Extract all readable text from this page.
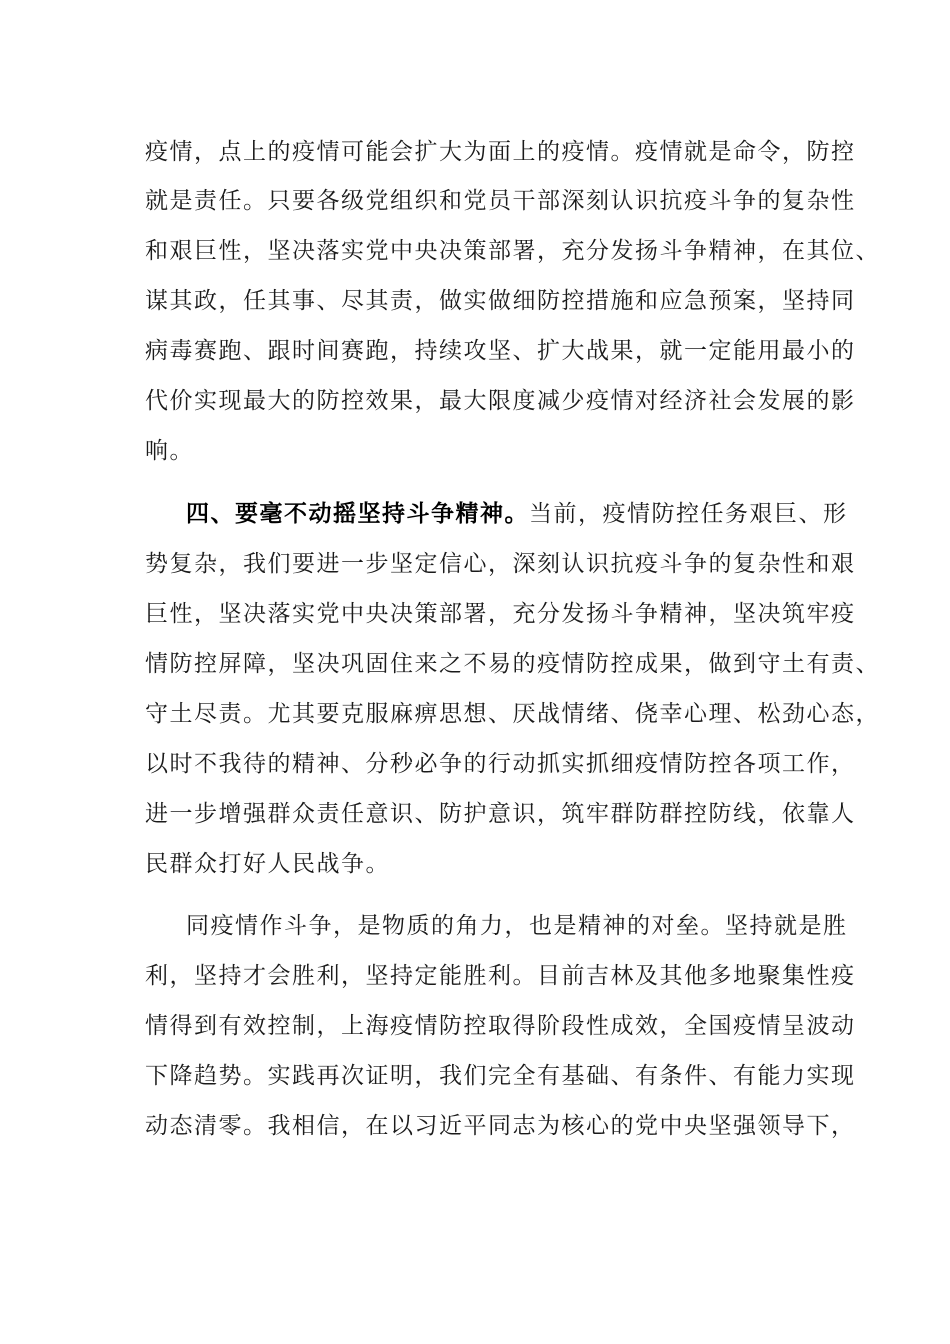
疫情，点上的疫情可能会扩大为面上的疫情。疫情就是命令，防控
就是责任。只要各级党组织和党员干部深刻认识抗疫斗争的复杂性
和艰巨性，坚决落实党中央决策部署，充分发扬斗争精神，在其位、
谋其政，任其事、尽其责，做实做细防控措施和应急预案，坚持同
病毒赛跑、跟时间赛跑，持续攻坚、扩大战果，就一定能用最小的
代价实现最大的防控效果，最大限度减少疫情对经济社会发展的影
响。
四、要毫不动摇坚持斗争精神。当前，疫情防控任务艰巨、形
势复杂，我们要进一步坚定信心，深刻认识抗疫斗争的复杂性和艰
巨性，坚决落实党中央决策部署，充分发扬斗争精神，坚决筑牢疫
情防控屏障，坚决巩固住来之不易的疫情防控成果，做到守土有责、
守土尽责。尤其要克服麻痹思想、厌战情绪、侥幸心理、松劲心态，
以时不我待的精神、分秒必争的行动抓实抓细疫情防控各项工作，
进一步增强群众责任意识、防护意识，筑牢群防群控防线，依靠人
民群众打好人民战争。
同疫情作斗争，是物质的角力，也是精神的对垒。坚持就是胜
利，坚持才会胜利，坚持定能胜利。目前吉林及其他多地聚集性疫
情得到有效控制，上海疫情防控取得阶段性成效，全国疫情呈波动
下降趋势。实践再次证明，我们完全有基础、有条件、有能力实现
动态清零。我相信，在以习近平同志为核心的党中央坚强领导下，
